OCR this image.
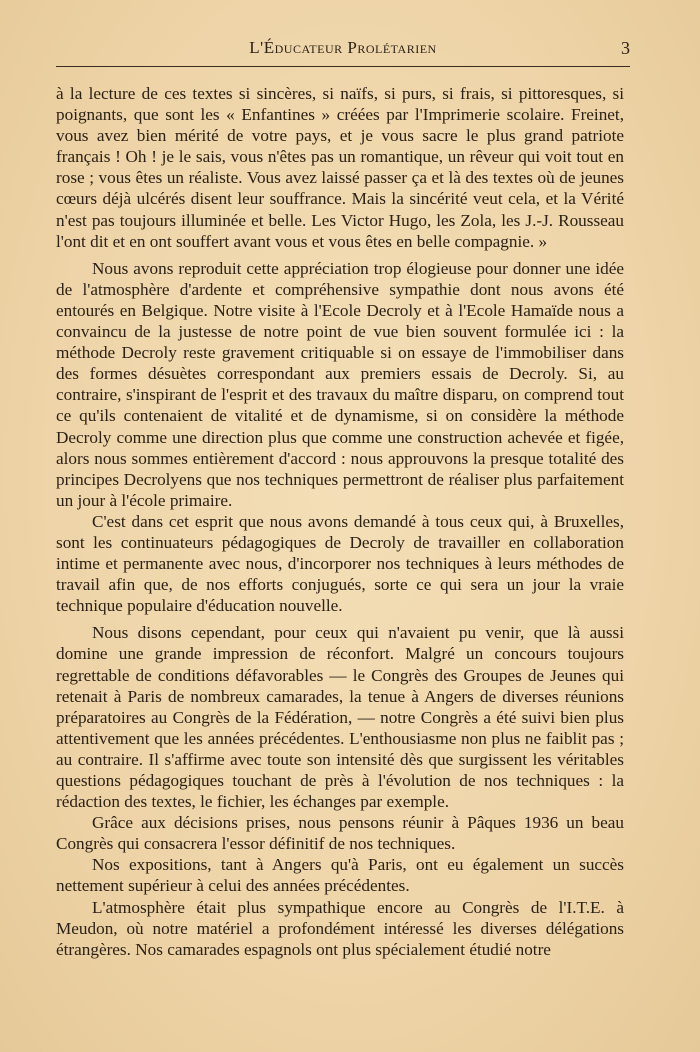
L'Éducateur Prolétarien	3

à la lecture de ces textes si sincères, si naïfs, si purs, si frais, si pittoresques, si poignants, que sont les « Enfantines » créées par l'Imprimerie scolaire. Freinet, vous avez bien mérité de votre pays, et je vous sacre le plus grand patriote français ! Oh ! je le sais, vous n'êtes pas un romantique, un rêveur qui voit tout en rose ; vous êtes un réaliste. Vous avez laissé passer ça et là des textes où de jeunes cœurs déjà ulcérés disent leur souffrance. Mais la sincérité veut cela, et la Vérité n'est pas toujours illuminée et belle. Les Victor Hugo, les Zola, les J.-J. Rousseau l'ont dit et en ont souffert avant vous et vous êtes en belle compagnie. »

Nous avons reproduit cette appréciation trop élogieuse pour donner une idée de l'atmosphère d'ardente et compréhensive sympathie dont nous avons été entourés en Belgique. Notre visite à l'Ecole Decroly et à l'Ecole Hamaïde nous a convaincu de la justesse de notre point de vue bien souvent formulée ici : la méthode Decroly reste gravement critiquable si on essaye de l'immobiliser dans des formes désuètes correspondant aux premiers essais de Decroly. Si, au contraire, s'inspirant de l'esprit et des travaux du maître disparu, on comprend tout ce qu'ils contenaient de vitalité et de dynamisme, si on considère la méthode Decroly comme une direction plus que comme une construction achevée et figée, alors nous sommes entièrement d'accord : nous approuvons la presque totalité des principes Decrolyens que nos techniques permettront de réaliser plus parfaitement un jour à l'école primaire.

C'est dans cet esprit que nous avons demandé à tous ceux qui, à Bruxelles, sont les continuateurs pédagogiques de Decroly de travailler en collaboration intime et permanente avec nous, d'incorporer nos techniques à leurs méthodes de travail afin que, de nos efforts conjugués, sorte ce qui sera un jour la vraie technique populaire d'éducation nouvelle.

Nous disons cependant, pour ceux qui n'avaient pu venir, que là aussi domine une grande impression de réconfort. Malgré un concours toujours regrettable de conditions défavorables — le Congrès des Groupes de Jeunes qui retenait à Paris de nombreux camarades, la tenue à Angers de diverses réunions préparatoires au Congrès de la Fédération, — notre Congrès a été suivi bien plus attentivement que les années précédentes. L'enthousiasme non plus ne faiblit pas ; au contraire. Il s'affirme avec toute son intensité dès que surgissent les véritables questions pédagogiques touchant de près à l'évolution de nos techniques : la rédaction des textes, le fichier, les échanges par exemple.

Grâce aux décisions prises, nous pensons réunir à Pâques 1936 un beau Congrès qui consacrera l'essor définitif de nos techniques.

Nos expositions, tant à Angers qu'à Paris, ont eu également un succès nettement supérieur à celui des années précédentes.

L'atmosphère était plus sympathique encore au Congrès de l'I.T.E. à Meudon, où notre matériel a profondément intéressé les diverses délégations étrangères. Nos camarades espagnols ont plus spécialement étudié notre
